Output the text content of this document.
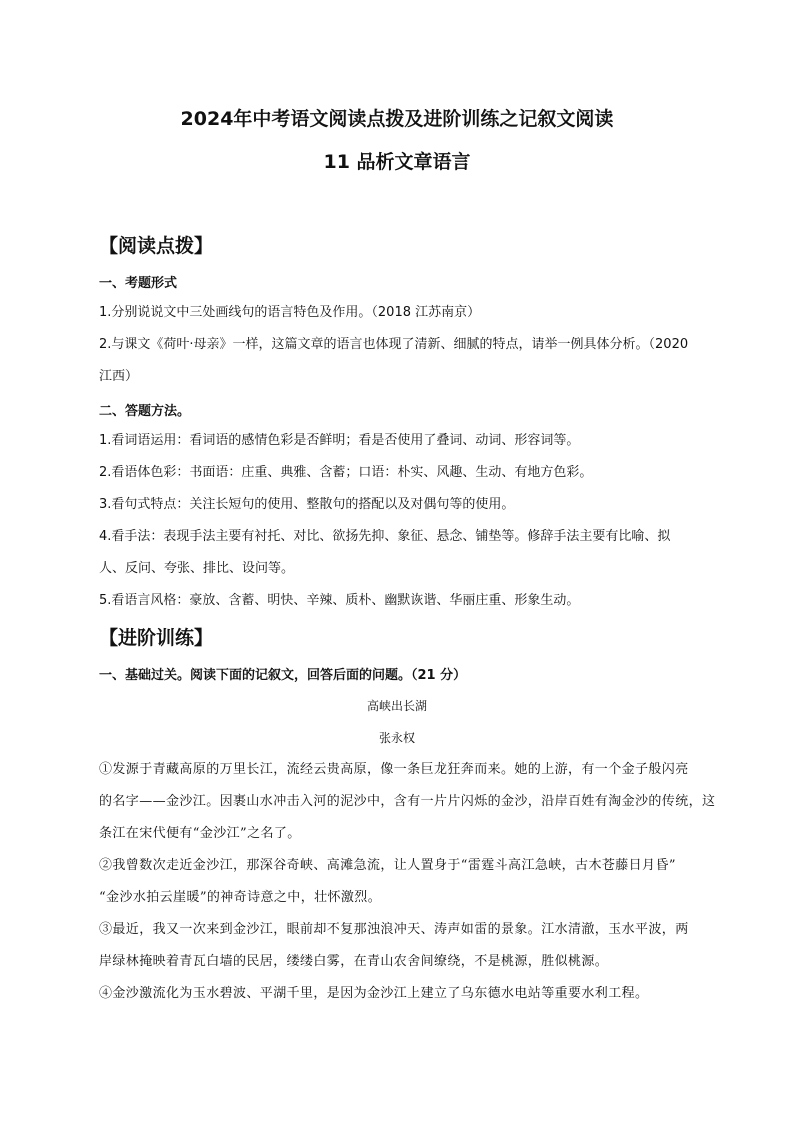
2024年中考语文阅读点拨及进阶训练之记叙文阅读
11 品析文章语言
【阅读点拨】
一、考题形式
1.分别说说文中三处画线句的语言特色及作用。（2018 江苏南京）
2.与课文《荷叶·母亲》一样，这篇文章的语言也体现了清新、细腻的特点，请举一例具体分析。（2020
江西）
二、答题方法。
1.看词语运用：看词语的感情色彩是否鲜明；看是否使用了叠词、动词、形容词等。
2.看语体色彩：书面语：庄重、典雅、含蓄；口语：朴实、风趣、生动、有地方色彩。
3.看句式特点：关注长短句的使用、整散句的搭配以及对偶句等的使用。
4.看手法：表现手法主要有衬托、对比、欲扬先抑、象征、悬念、铺垫等。修辞手法主要有比喻、拟
人、反问、夸张、排比、设问等。
5.看语言风格：豪放、含蓄、明快、辛辣、质朴、幽默诙谐、华丽庄重、形象生动。
【进阶训练】
一、基础过关。阅读下面的记叙文，回答后面的问题。（21 分）
高峡出长湖
张永权
①发源于青藏高原的万里长江，流经云贵高原，像一条巨龙狂奔而来。她的上游，有一个金子般闪亮
的名字——金沙江。因裹山水冲击入河的泥沙中，含有一片片闪烁的金沙，沿岸百姓有淘金沙的传统，这
条江在宋代便有“金沙江”之名了。
②我曾数次走近金沙江，那深谷奇峡、高滩急流，让人置身于“雷霆斗高江急峡，古木苍藤日月昏”
“金沙水拍云崖暖”的神奇诗意之中，壮怀激烈。
③最近，我又一次来到金沙江，眼前却不复那浊浪冲天、涛声如雷的景象。江水清澈，玉水平波，两
岸绿林掩映着青瓦白墙的民居，缕缕白雾，在青山农舍间缭绕，不是桃源，胜似桃源。
④金沙激流化为玉水碧波、平湖千里，是因为金沙江上建立了乌东德水电站等重要水利工程。
